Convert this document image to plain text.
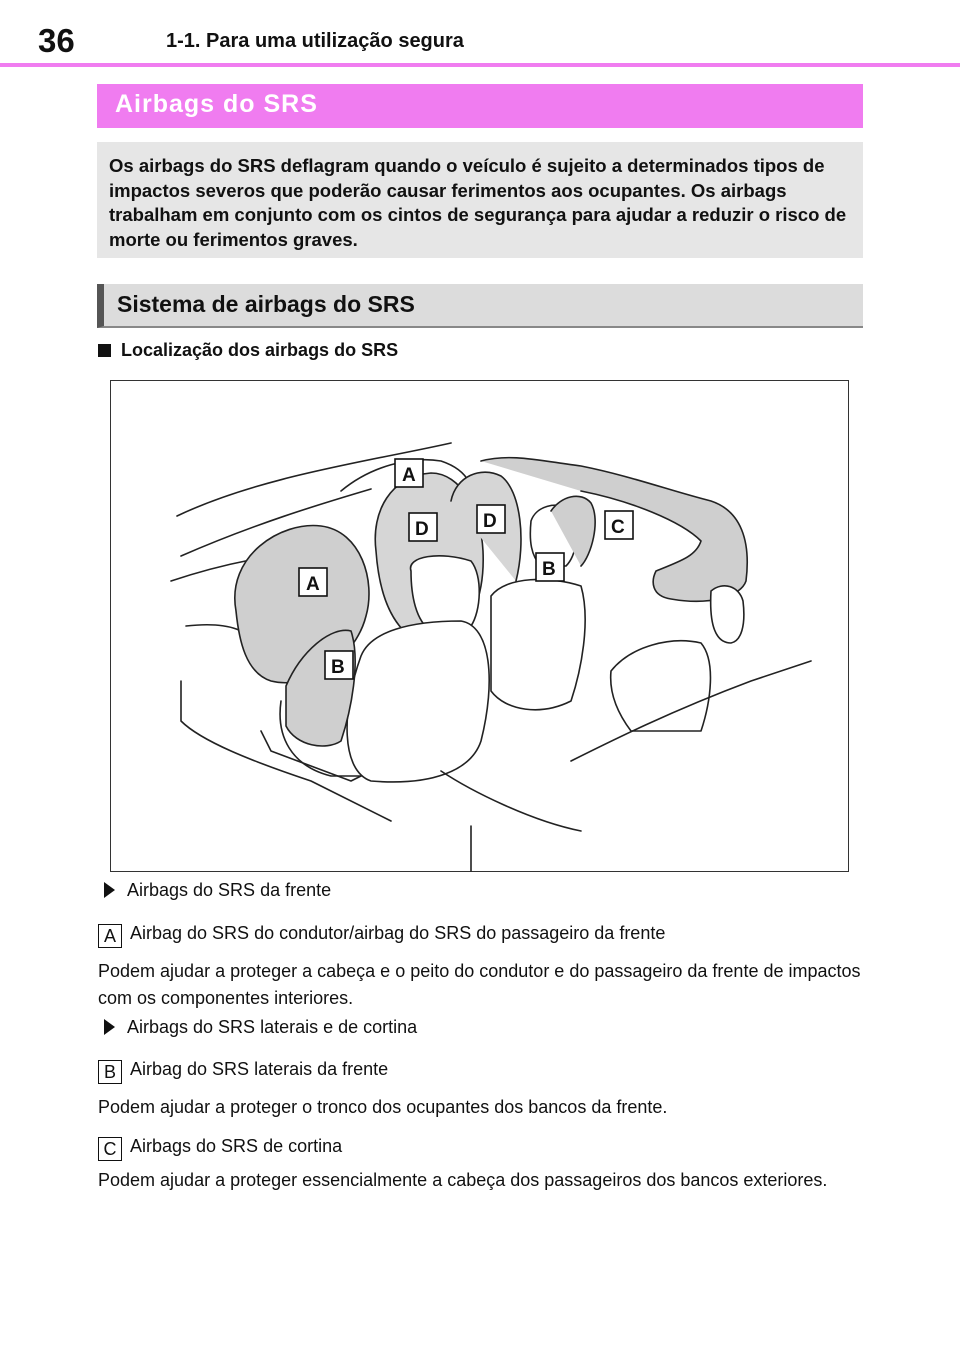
36	1-1. Para uma utilização segura
Airbags do SRS

Os airbags do SRS deflagram quando o veículo é sujeito a determinados tipos de impactos severos que poderão causar ferimentos aos ocupantes. Os airbags trabalham em conjunto com os cintos de segurança para ajudar a reduzir o risco de morte ou ferimentos graves.

Sistema de airbags do SRS
Localização dos airbags do SRS
A
D	D	C
A
B
B
Airbags do SRS da frente
A Airbag do SRS do condutor/airbag do SRS do passageiro da frente

Podem ajudar a proteger a cabeça e o peito do condutor e do passageiro da frente de impactos com os componentes interiores.

Airbags do SRS laterais e de cortina
B Airbag do SRS laterais da frente

Podem ajudar a proteger o tronco dos ocupantes dos bancos da frente.

C Airbags do SRS de cortina

Podem ajudar a proteger essencialmente a cabeça dos passageiros dos bancos exteriores.
